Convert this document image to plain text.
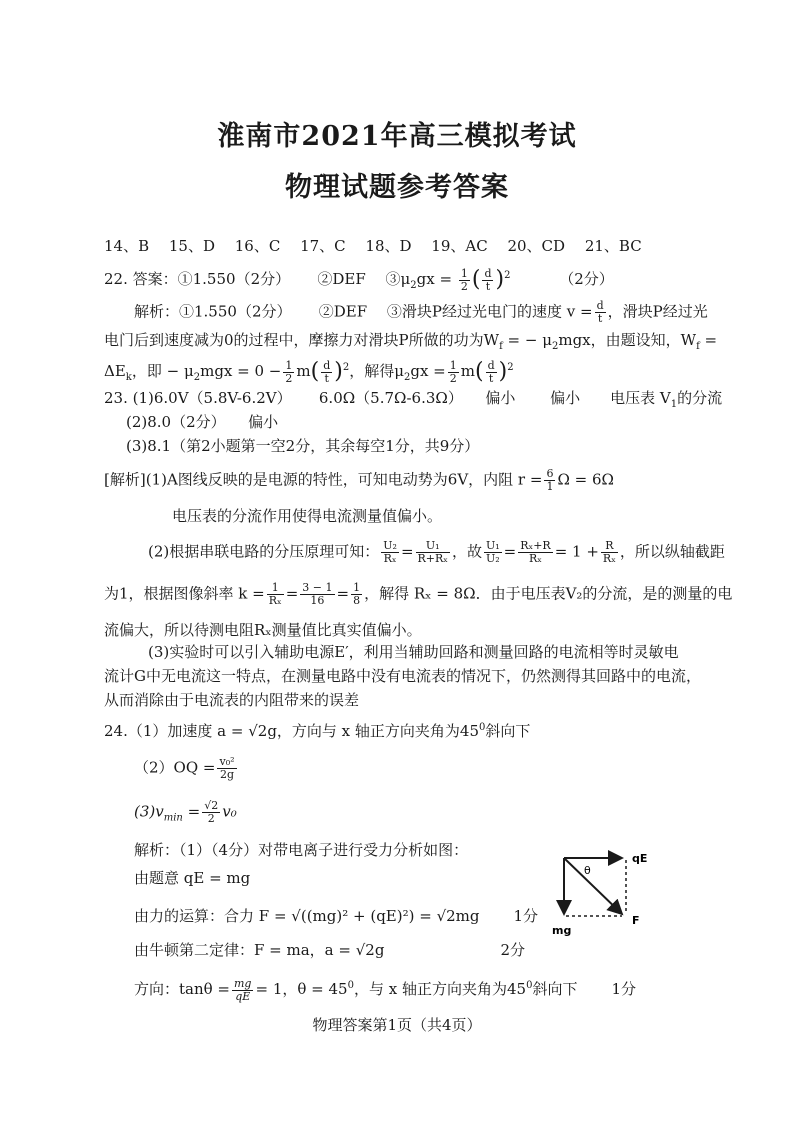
淮南市2021年高三模拟考试
物理试题参考答案
14、B　 15、D　 16、C　 17、C　 18、D　 19、AC　 20、CD　 21、BC
22. 答案：①1.550（2分）　　 ②DEF　 $③\mu_2gx = \frac{1}{2}$ ( $\frac{d}{t} )^2$	（2分）
解析：①1.550（2分）　　 ②DEF　 ③滑块P经过光电门的速度 $v = \frac{d}{t}$ ，滑块P经过光
电门后到速度减为0的过程中，摩擦力对滑块P所做的功为$W_f$ = − $\mu_2mgx$，由题设知，$W_f$ =
$\Delta E_k$，即 − $\mu_2mgx = 0 - \frac{1}{2} m( \frac{d}{t} )^2$，解得$\mu_2gx = \frac{1}{2} m( \frac{d}{t} )^2$
23. (1)6.0V（5.8V-6.2V）　　 6.0Ω（5.7Ω-6.3Ω）　　偏小　　 偏小　　电压表 $V_1$的分流
(2)8.0（2分）　　偏小
(3)8.1（第2小题第一空2分，其余每空1分，共9分）
[解析](1)A图线反映的是电源的特性，可知电动势为6V，内阻 $r = \frac{6}{1}$ Ω = 6Ω
电压表的分流作用使得电流测量值偏小。
(2)根据串联电路的分压原理可知： $\frac{\text{U₂}}{\text{Rₓ}} = \frac{\text{U₁}}{\text{R+Rₓ}}$ ，故 $\frac{\text{U₁}}{\text{U₂}} = \frac{\text{Rₓ+R}}{\text{Rₓ}} = 1 + \frac{R}{\text{Rₓ}}$ ，所以纵轴截距
为1，根据图像斜率 $k = \frac{1}{\text{Rₓ}} = \frac{3 - 1}{16} = \frac{1}{8}$ ，解得 Rₓ = 8Ω．由于电压表V₂的分流，是的测量的电
流偏大，所以待测电阻Rₓ测量值比真实值偏小。
(3)实验时可以引入辅助电源E′，利用当辅助回路和测量回路的电流相等时灵敏电
流计G中无电流这一特点，在测量电路中没有电流表的情况下，仍然测得其回路中的电流，
从而消除由于电流表的内阻带来的误差
24.（1）加速度 a = √2g，方向与 x 轴正方向夹角为$45^0$斜向下
$(2)OQ = \frac{\text{v₀²}}{2g}$
$(3)v_{min} = \frac{√2}{2} v_0$
解析：（1）（4分）对带电离子进行受力分析如图：
由题意 qE = mg
由力的运算：合力 F = √((mg)² + (qE)²) = √2mg 1分
由牛顿第二定律：F = ma，a = √2g	2分
方向：$\tan\theta = \frac{mg}{qE} = 1$，$\theta = 45^0$，与 x 轴正方向夹角为$45^0$斜向下 1分
θ
qE
mg
F
物理答案第1页（共4页）
